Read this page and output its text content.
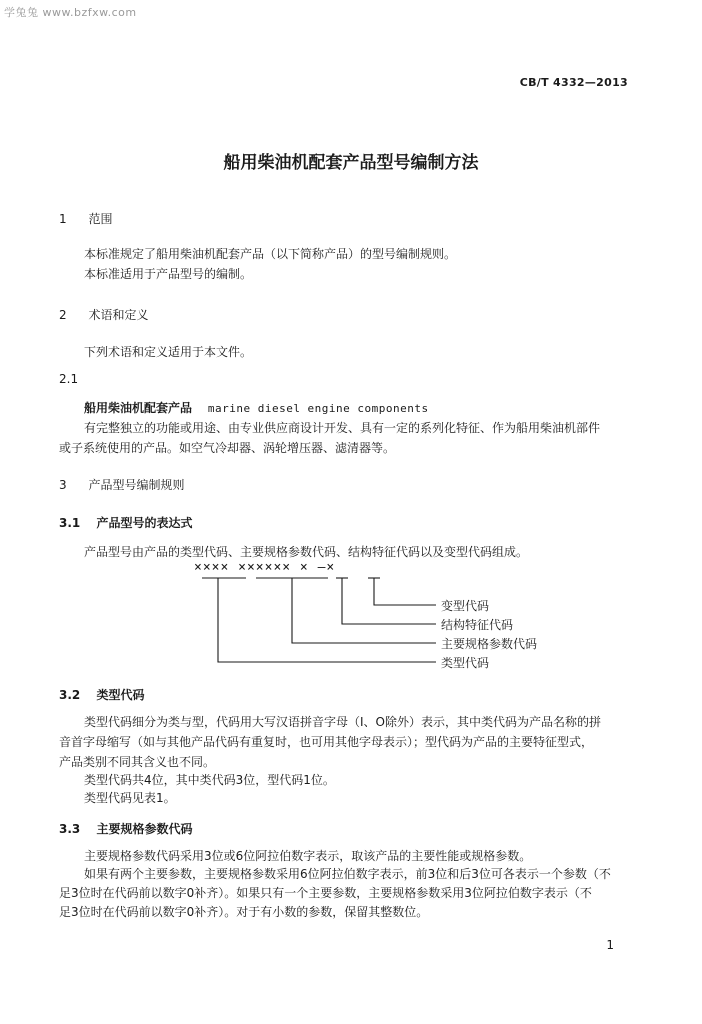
学兔兔 www.bzfxw.com
CB/T 4332—2013
船用柴油机配套产品型号编制方法
1 范围
本标准规定了船用柴油机配套产品（以下简称产品）的型号编制规则。
本标准适用于产品型号的编制。
2 术语和定义
下列术语和定义适用于本文件。
2.1
船用柴油机配套产品 marine diesel engine components
有完整独立的功能或用途、由专业供应商设计开发、具有一定的系列化特征、作为船用柴油机部件
或子系统使用的产品。如空气冷却器、涡轮增压器、滤清器等。
3 产品型号编制规则
3.1 产品型号的表达式
产品型号由产品的类型代码、主要规格参数代码、结构特征代码以及变型代码组成。
×××× ×××××× × —×
变型代码
结构特征代码
主要规格参数代码
类型代码
3.2 类型代码
类型代码细分为类与型，代码用大写汉语拼音字母（I、O除外）表示，其中类代码为产品名称的拼
音首字母缩写（如与其他产品代码有重复时，也可用其他字母表示）；型代码为产品的主要特征型式，
产品类别不同其含义也不同。
类型代码共4位，其中类代码3位，型代码1位。
类型代码见表1。
3.3 主要规格参数代码
主要规格参数代码采用3位或6位阿拉伯数字表示，取该产品的主要性能或规格参数。
如果有两个主要参数，主要规格参数采用6位阿拉伯数字表示，前3位和后3位可各表示一个参数（不
足3位时在代码前以数字0补齐）。如果只有一个主要参数，主要规格参数采用3位阿拉伯数字表示（不
足3位时在代码前以数字0补齐）。对于有小数的参数，保留其整数位。
1
